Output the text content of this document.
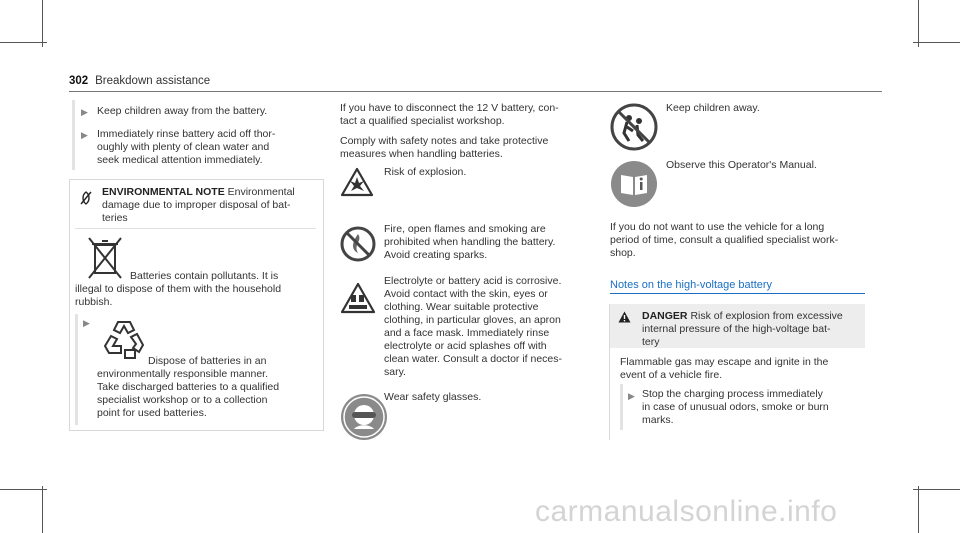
302 Breakdown assistance
▶ Keep children away from the battery.

▶ Immediately rinse battery acid off thor-
oughly with plenty of clean water and
seek medical attention immediately.

ENVIRONMENTAL NOTE Environmental
damage due to improper disposal of bat-
teries

Batteries contain pollutants. It is

illegal to dispose of them with the household
rubbish.

▶

Dispose of batteries in an

environmentally responsible manner.
Take discharged batteries to a qualified
specialist workshop or to a collection
point for used batteries.

If you have to disconnect the 12 V battery, con-
tact a qualified specialist workshop.

Comply with safety notes and take protective
measures when handling batteries.

Risk of explosion.

Fire, open flames and smoking are
prohibited when handling the battery.
Avoid creating sparks.

Electrolyte or battery acid is corrosive.
Avoid contact with the skin, eyes or
clothing. Wear suitable protective
clothing, in particular gloves, an apron
and a face mask. Immediately rinse
electrolyte or acid splashes off with
clean water. Consult a doctor if neces-
sary.

Wear safety glasses.

Keep children away.

Observe this Operator's Manual.

If you do not want to use the vehicle for a long
period of time, consult a qualified specialist work-
shop.

Notes on the high-voltage battery

DANGER Risk of explosion from excessive
internal pressure of the high-voltage bat-
tery

Flammable gas may escape and ignite in the
event of a vehicle fire.

▶ Stop the charging process immediately
in case of unusual odors, smoke or burn
marks.

carmanualsonline.info
